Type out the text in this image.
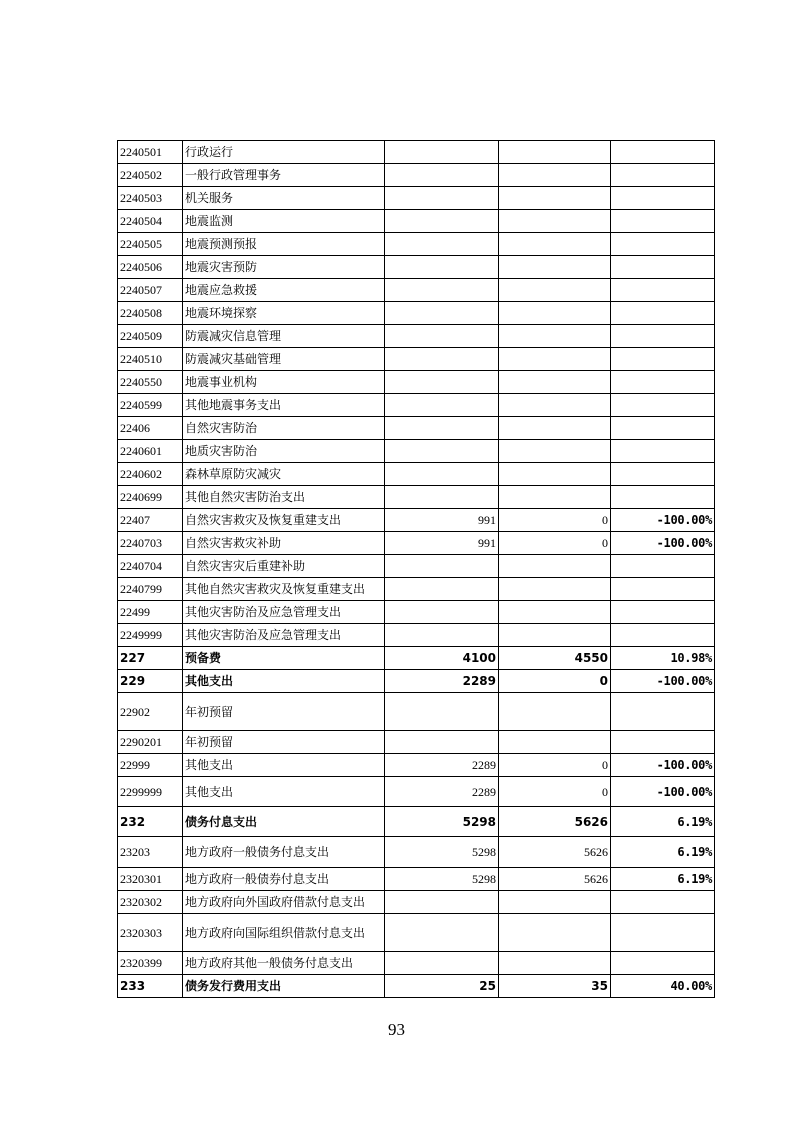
2240501	行政运行			
2240502	一般行政管理事务			
2240503	机关服务			
2240504	地震监测			
2240505	地震预测预报			
2240506	地震灾害预防			
2240507	地震应急救援			
2240508	地震环境探察			
2240509	防震减灾信息管理			
2240510	防震减灾基础管理			
2240550	地震事业机构			
2240599	其他地震事务支出			
22406	自然灾害防治			
2240601	地质灾害防治			
2240602	森林草原防灾减灾			
2240699	其他自然灾害防治支出			
22407	自然灾害救灾及恢复重建支出	991	0	-100.00%
2240703	自然灾害救灾补助	991	0	-100.00%
2240704	自然灾害灾后重建补助			
2240799	其他自然灾害救灾及恢复重建支出			
22499	其他灾害防治及应急管理支出			
2249999	其他灾害防治及应急管理支出			
227	预备费	4100	4550	10.98%
229	其他支出	2289	0	-100.00%
22902	年初预留			
2290201	年初预留			
22999	其他支出	2289	0	-100.00%
2299999	其他支出	2289	0	-100.00%
232	债务付息支出	5298	5626	6.19%
23203	地方政府一般债务付息支出	5298	5626	6.19%
2320301	地方政府一般债券付息支出	5298	5626	6.19%
2320302	地方政府向外国政府借款付息支出			
2320303	地方政府向国际组织借款付息支出			
2320399	地方政府其他一般债务付息支出			
233	债务发行费用支出	25	35	40.00%
93
